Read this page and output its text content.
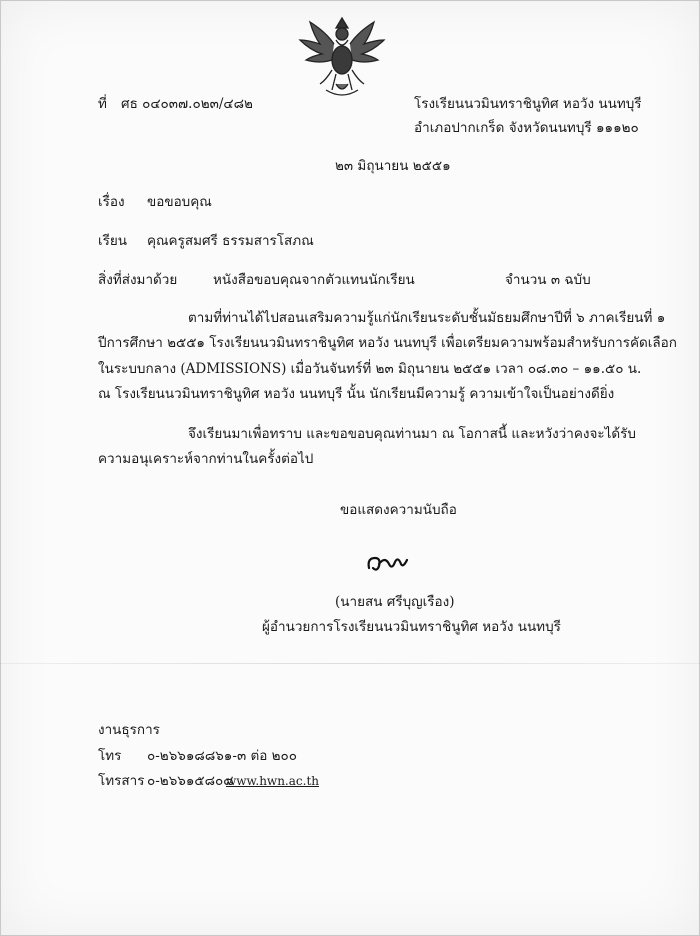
ที่ ศธ ๐๔๐๓๗.๐๒๓/๔๘๒	โรงเรียนนวมินทราชินูทิศ หอวัง นนทบุรี
อำเภอปากเกร็ด จังหวัดนนทบุรี ๑๑๑๒๐
๒๓ มิถุนายน ๒๕๕๑
เรื่อง ขอขอบคุณ
เรียน คุณครูสมศรี ธรรมสารโสภณ
สิ่งที่ส่งมาด้วย	หนังสือขอบคุณจากตัวแทนนักเรียน	จำนวน ๓ ฉบับ
ตามที่ท่านได้ไปสอนเสริมความรู้แก่นักเรียนระดับชั้นมัธยมศึกษาปีที่ ๖ ภาคเรียนที่ ๑
ปีการศึกษา ๒๕๕๑ โรงเรียนนวมินทราชินูทิศ หอวัง นนทบุรี เพื่อเตรียมความพร้อมสำหรับการคัดเลือก
ในระบบกลาง (ADMISSIONS) เมื่อวันจันทร์ที่ ๒๓ มิถุนายน ๒๕๕๑ เวลา ๐๘.๓๐ – ๑๑.๕๐ น.
ณ โรงเรียนนวมินทราชินูทิศ หอวัง นนทบุรี นั้น นักเรียนมีความรู้ ความเข้าใจเป็นอย่างดียิ่ง
จึงเรียนมาเพื่อทราบ และขอขอบคุณท่านมา ณ โอกาสนี้ และหวังว่าคงจะได้รับ
ความอนุเคราะห์จากท่านในครั้งต่อไป
ขอแสดงความนับถือ
(นายสน ศรีบุญเรือง)
ผู้อำนวยการโรงเรียนนวมินทราชินูทิศ หอวัง นนทบุรี
งานธุรการ
โทร ๐-๒๖๖๑๘๘๖๑-๓ ต่อ ๒๐๐
โทรสาร ๐-๒๖๖๑๕๘๐๘
www.hwn.ac.th
